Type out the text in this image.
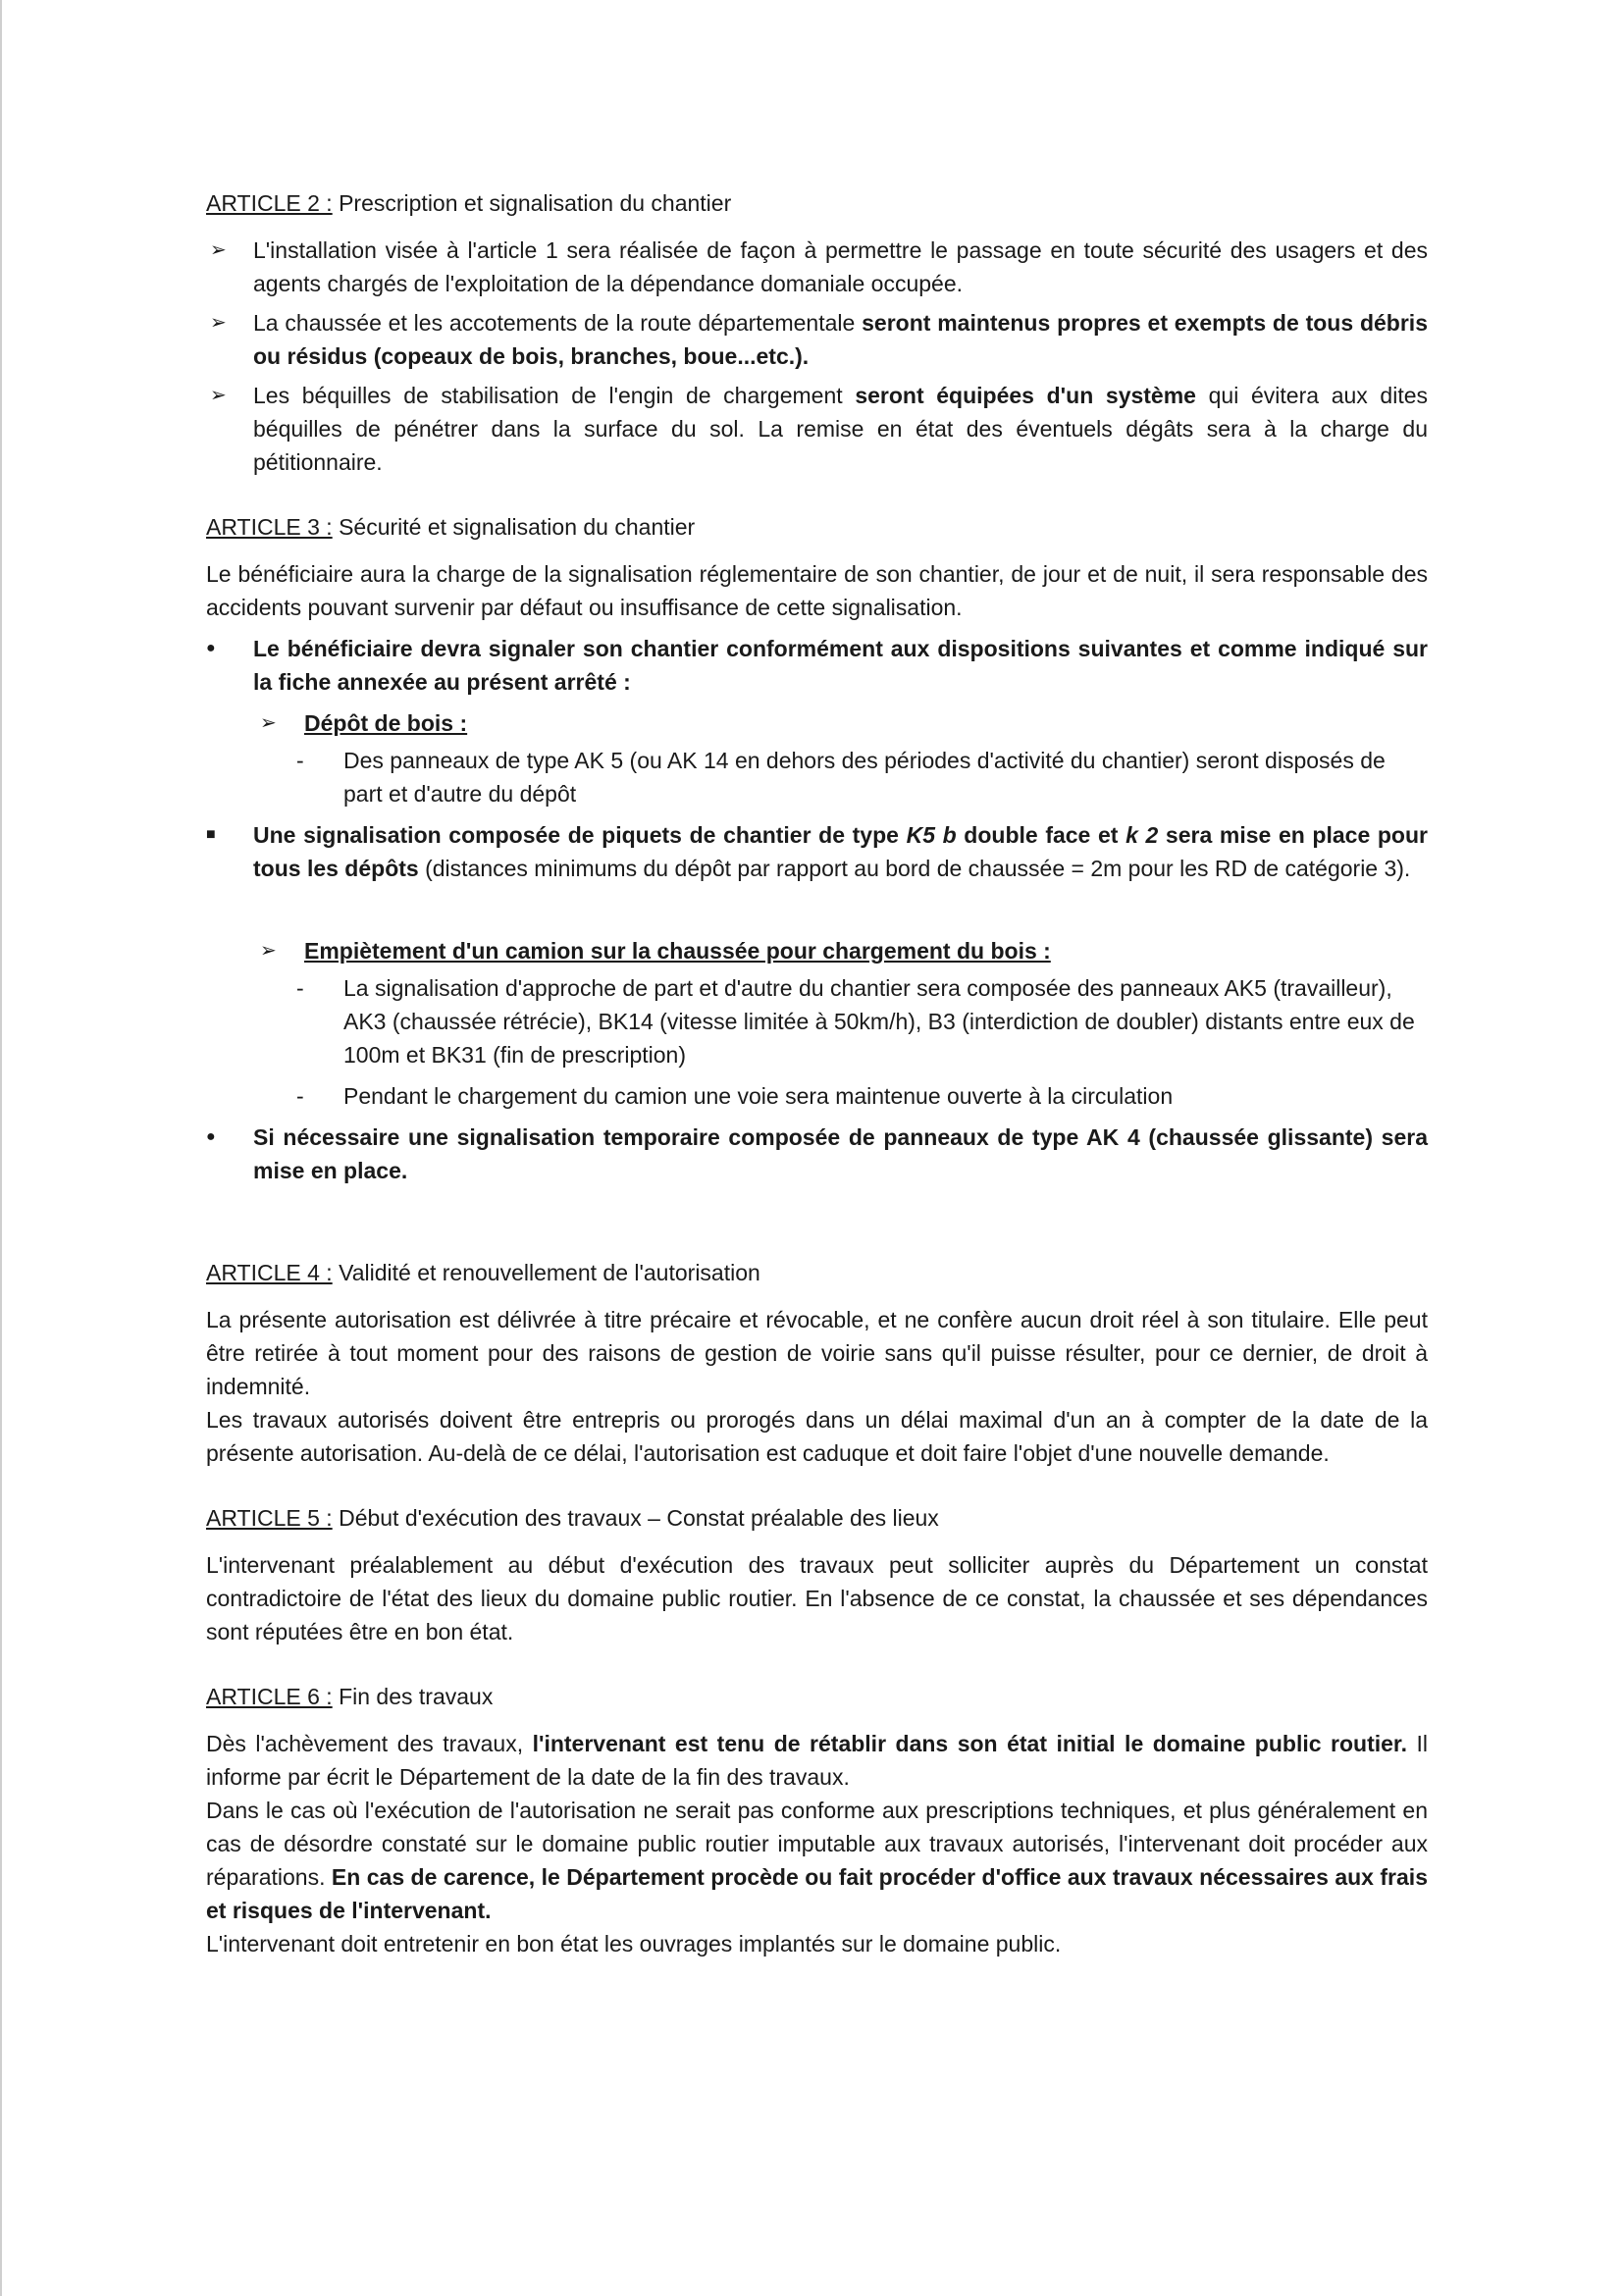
ARTICLE 2 : Prescription et signalisation du chantier

➢ L'installation visée à l'article 1 sera réalisée de façon à permettre le passage en toute sécurité des usagers et des agents chargés de l'exploitation de la dépendance domaniale occupée.

➢ La chaussée et les accotements de la route départementale seront maintenus propres et exempts de tous débris ou résidus (copeaux de bois, branches, boue...etc.).

➢ Les béquilles de stabilisation de l'engin de chargement seront équipées d'un système qui évitera aux dites béquilles de pénétrer dans la surface du sol. La remise en état des éventuels dégâts sera à la charge du pétitionnaire.

ARTICLE 3 : Sécurité et signalisation du chantier

Le bénéficiaire aura la charge de la signalisation réglementaire de son chantier, de jour et de nuit, il sera responsable des accidents pouvant survenir par défaut ou insuffisance de cette signalisation.

● Le bénéficiaire devra signaler son chantier conformément aux dispositions suivantes et comme indiqué sur la fiche annexée au présent arrêté :

➢ Dépôt de bois :

- Des panneaux de type AK 5 (ou AK 14 en dehors des périodes d'activité du chantier) seront disposés de part et d'autre du dépôt

■ Une signalisation composée de piquets de chantier de type K5 b double face et k 2 sera mise en place pour tous les dépôts (distances minimums du dépôt par rapport au bord de chaussée = 2m pour les RD de catégorie 3).

➢ Empiètement d'un camion sur la chaussée pour chargement du bois :

- La signalisation d'approche de part et d'autre du chantier sera composée des panneaux AK5 (travailleur), AK3 (chaussée rétrécie), BK14 (vitesse limitée à 50km/h), B3 (interdiction de doubler) distants entre eux de 100m et BK31 (fin de prescription)

- Pendant le chargement du camion une voie sera maintenue ouverte à la circulation

● Si nécessaire une signalisation temporaire composée de panneaux de type AK 4 (chaussée glissante) sera mise en place.

ARTICLE 4 : Validité et renouvellement de l'autorisation

La présente autorisation est délivrée à titre précaire et révocable, et ne confère aucun droit réel à son titulaire. Elle peut être retirée à tout moment pour des raisons de gestion de voirie sans qu'il puisse résulter, pour ce dernier, de droit à indemnité.

Les travaux autorisés doivent être entrepris ou prorogés dans un délai maximal d'un an à compter de la date de la présente autorisation. Au-delà de ce délai, l'autorisation est caduque et doit faire l'objet d'une nouvelle demande.

ARTICLE 5 : Début d'exécution des travaux – Constat préalable des lieux

L'intervenant préalablement au début d'exécution des travaux peut solliciter auprès du Département un constat contradictoire de l'état des lieux du domaine public routier. En l'absence de ce constat, la chaussée et ses dépendances sont réputées être en bon état.

ARTICLE 6 : Fin des travaux

Dès l'achèvement des travaux, l'intervenant est tenu de rétablir dans son état initial le domaine public routier. Il informe par écrit le Département de la date de la fin des travaux.

Dans le cas où l'exécution de l'autorisation ne serait pas conforme aux prescriptions techniques, et plus généralement en cas de désordre constaté sur le domaine public routier imputable aux travaux autorisés, l'intervenant doit procéder aux réparations. En cas de carence, le Département procède ou fait procéder d'office aux travaux nécessaires aux frais et risques de l'intervenant.

L'intervenant doit entretenir en bon état les ouvrages implantés sur le domaine public.
